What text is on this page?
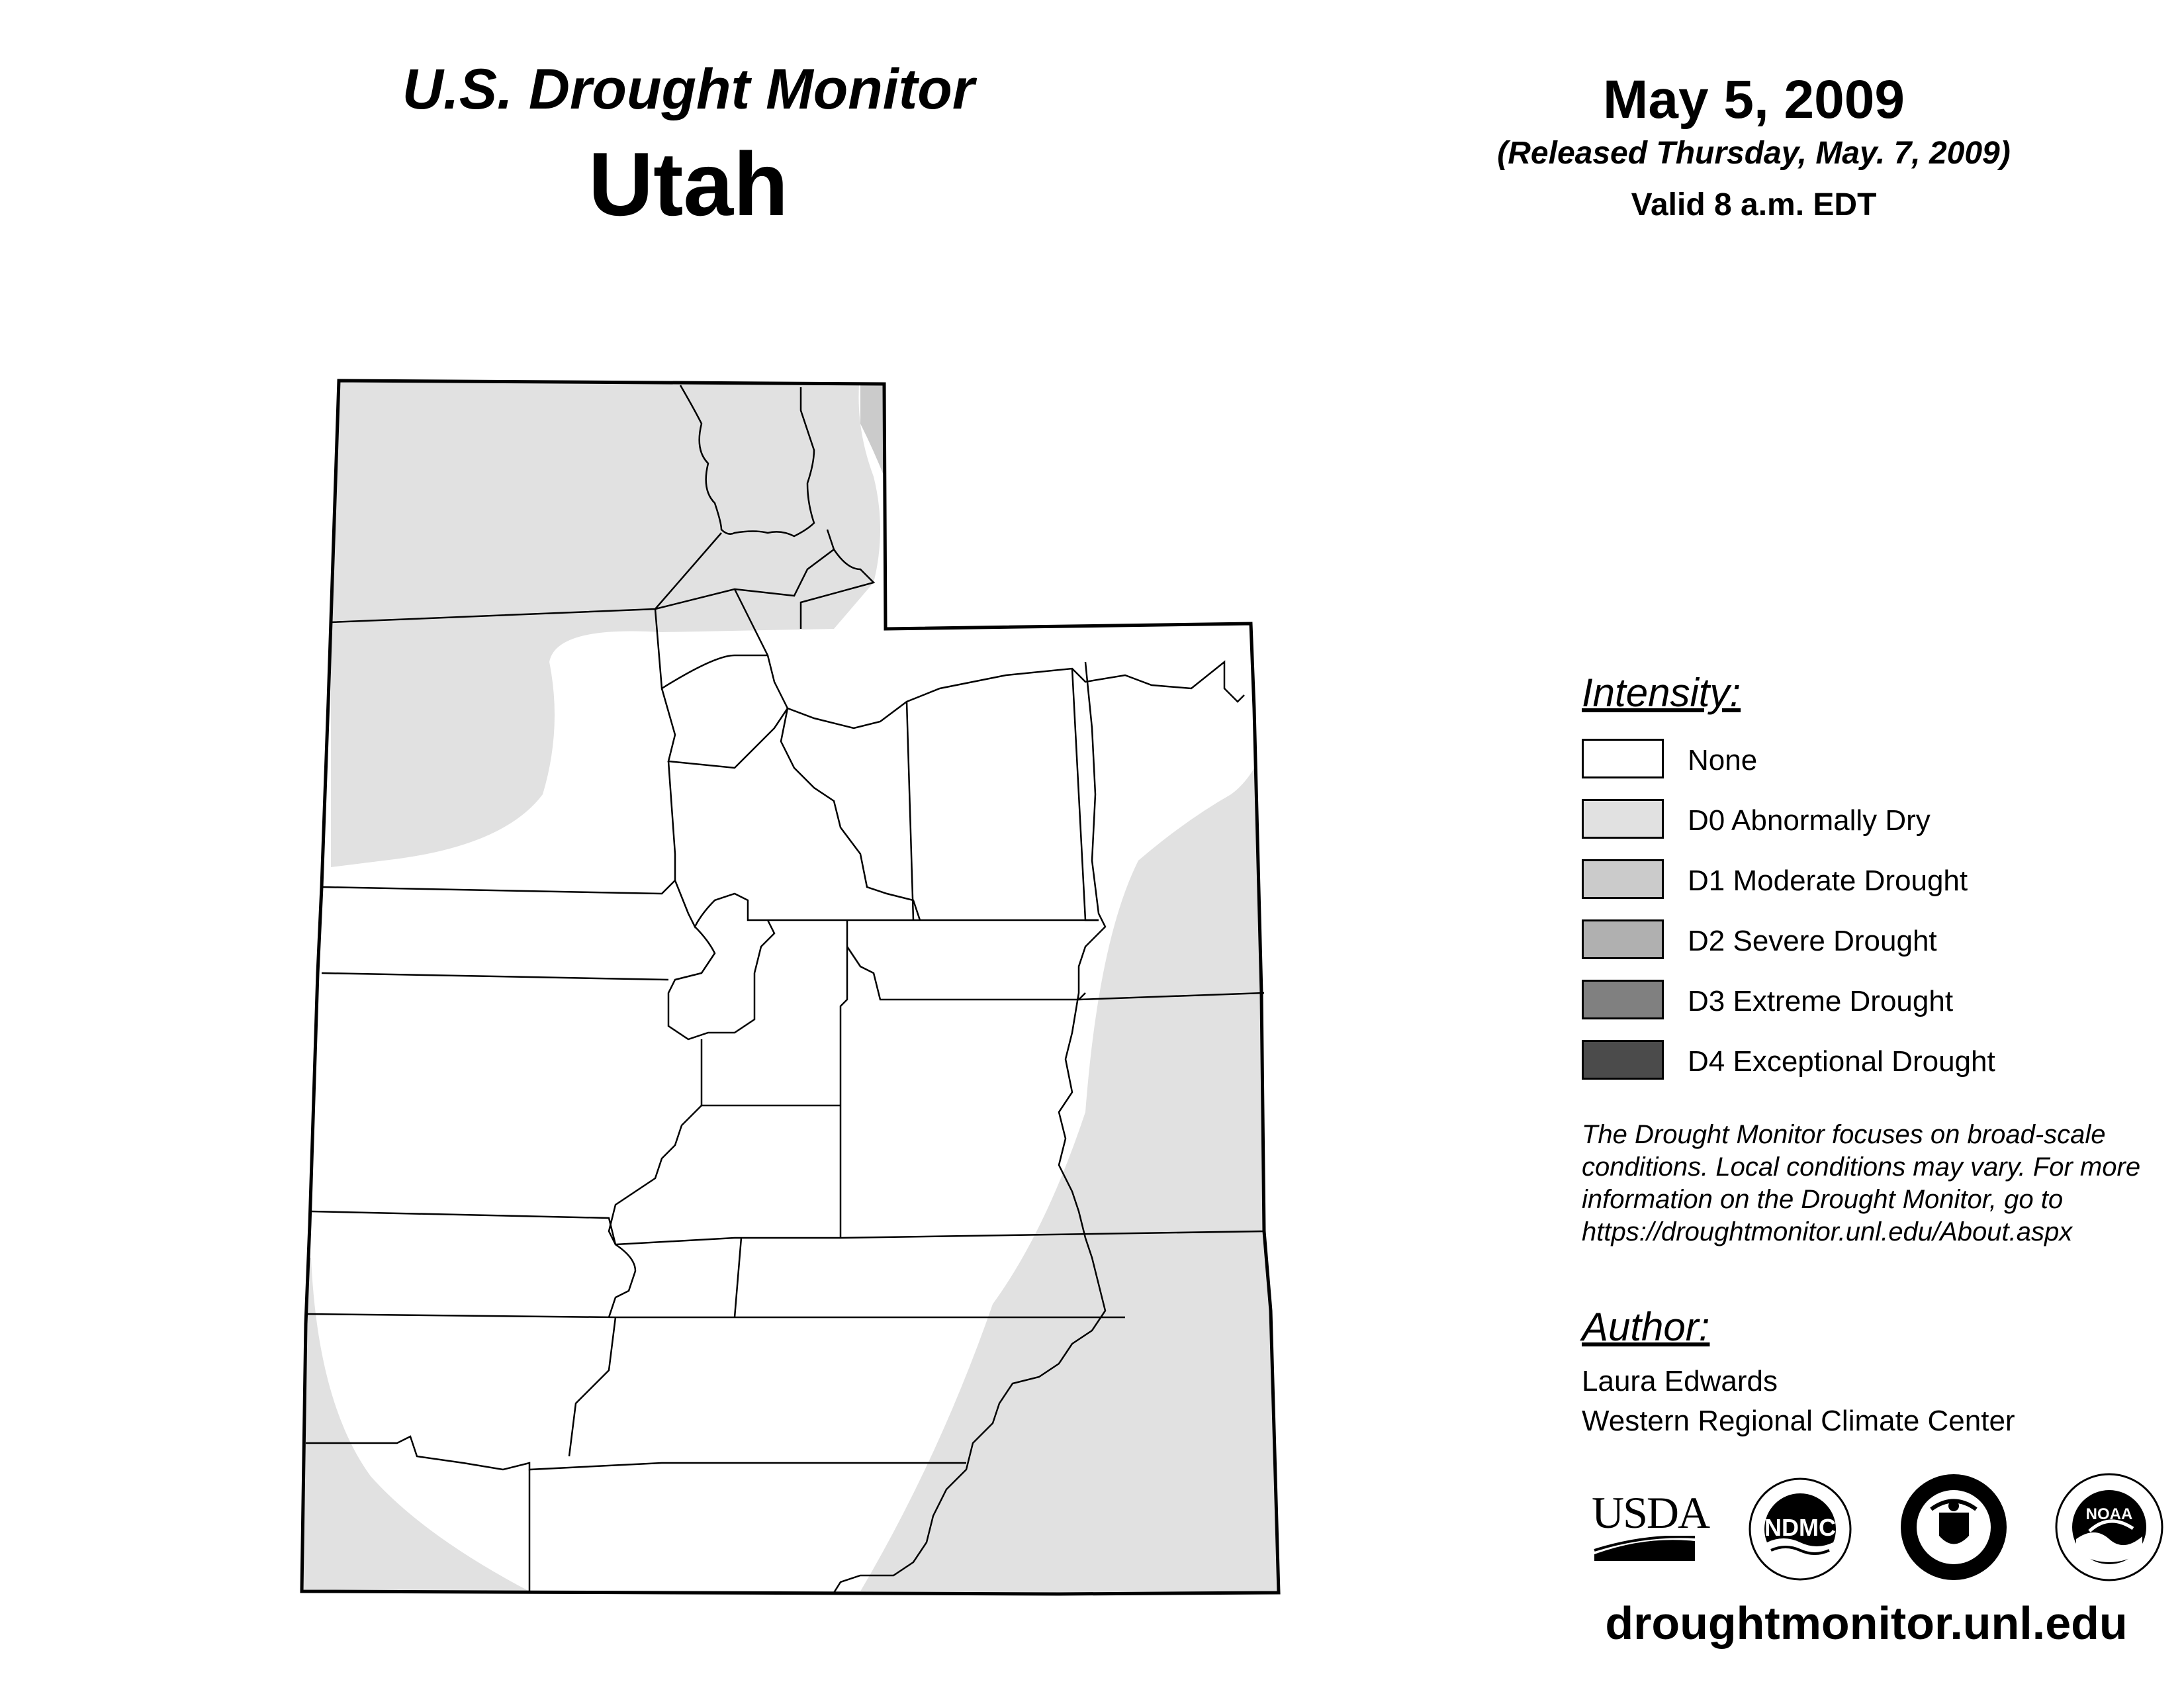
U.S. Drought Monitor
Utah
May 5, 2009
(Released Thursday, May. 7, 2009)
Valid 8 a.m. EDT
Intensity:
None
D0 Abnormally Dry
D1 Moderate Drought
D2 Severe Drought
D3 Extreme Drought
D4 Exceptional Drought
The Drought Monitor focuses on broad-scale conditions. Local conditions may vary. For more information on the Drought Monitor, go to https://droughtmonitor.unl.edu/About.aspx
Author:
Laura Edwards
Western Regional Climate Center
USDA NDMC	NOAA
droughtmonitor.unl.edu
